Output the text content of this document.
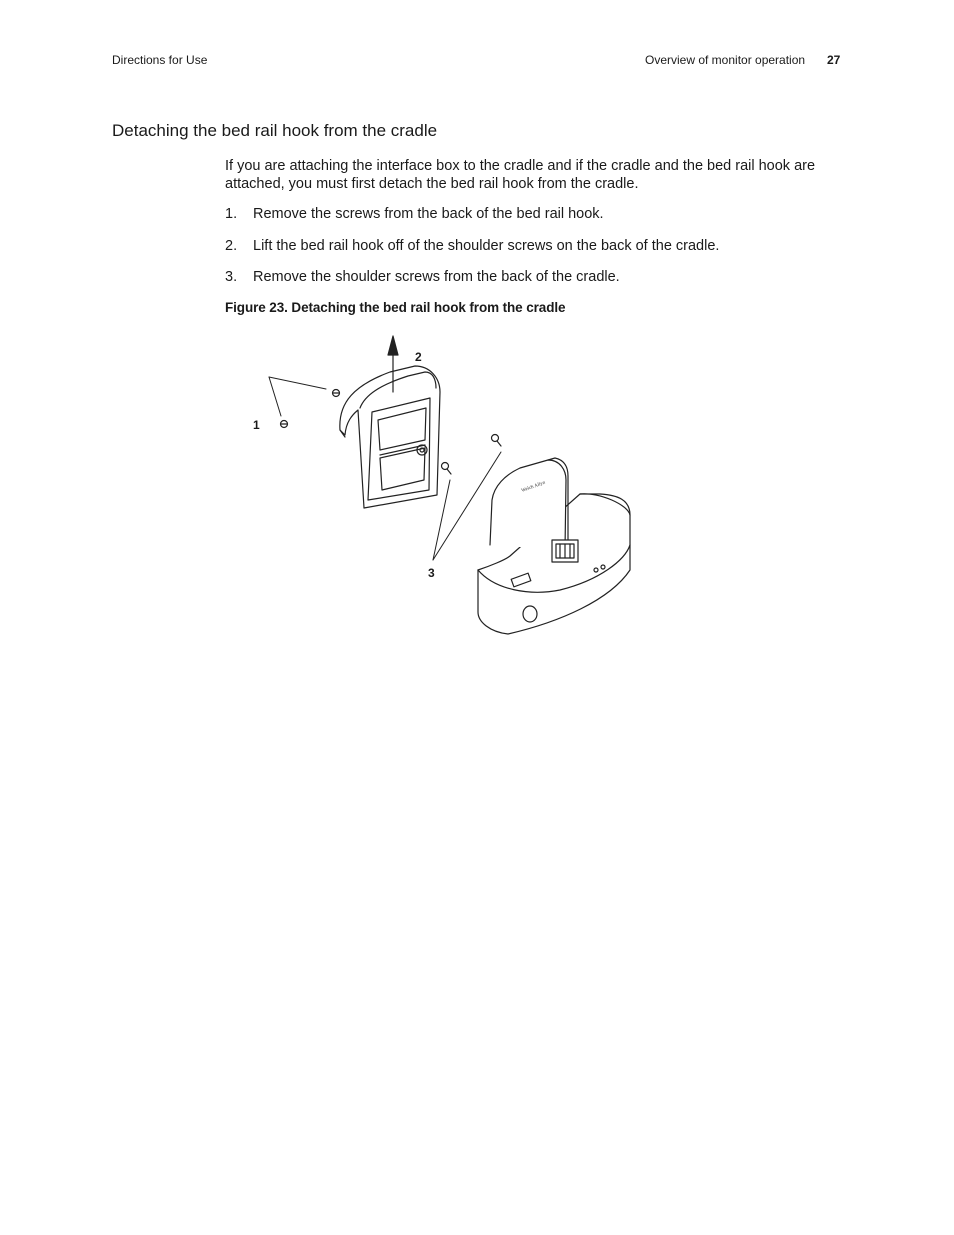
Directions for Use	Overview of monitor operation 27
Detaching the bed rail hook from the cradle

If you are attaching the interface box to the cradle and if the cradle and the bed rail hook are attached, you must first detach the bed rail hook from the cradle.

1. Remove the screws from the back of the bed rail hook.

2. Lift the bed rail hook off of the shoulder screws on the back of the cradle.

3. Remove the shoulder screws from the back of the cradle.

Figure 23. Detaching the bed rail hook from the cradle

Welch Allyn
1
2
3
